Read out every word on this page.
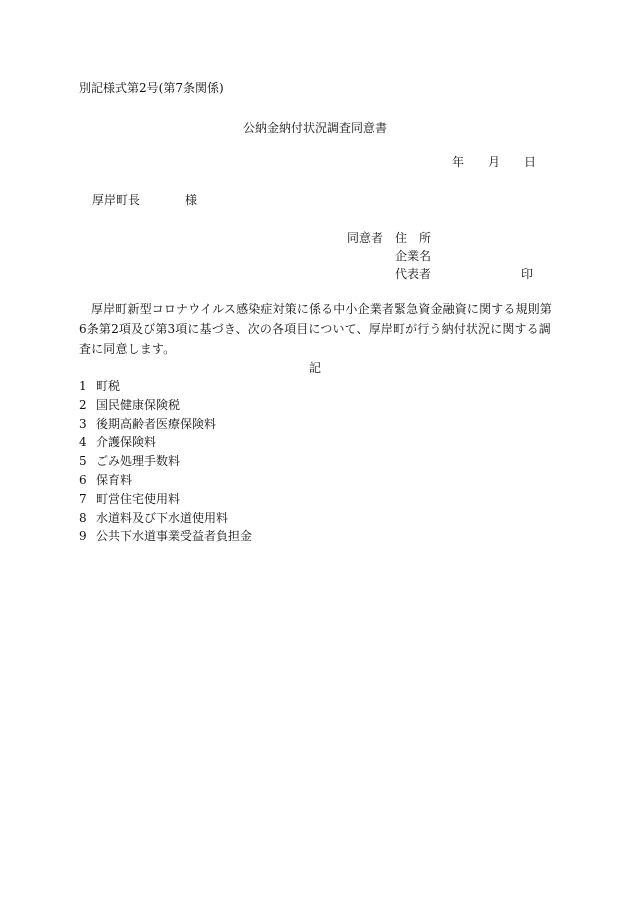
別記様式第2号(第7条関係)
公納金納付状況調査同意書
年 月 日
厚岸町長	様
同意者 住　所
企業名
代表者	印
厚岸町新型コロナウイルス感染症対策に係る中小企業者緊急資金融資に関する規則第6条第2項及び第3項に基づき、次の各項目について、厚岸町が行う納付状況に関する調査に同意します。
記
1 町税
2 国民健康保険税
3 後期高齢者医療保険料
4 介護保険料
5 ごみ処理手数料
6 保育料
7 町営住宅使用料
8 水道料及び下水道使用料
9 公共下水道事業受益者負担金
